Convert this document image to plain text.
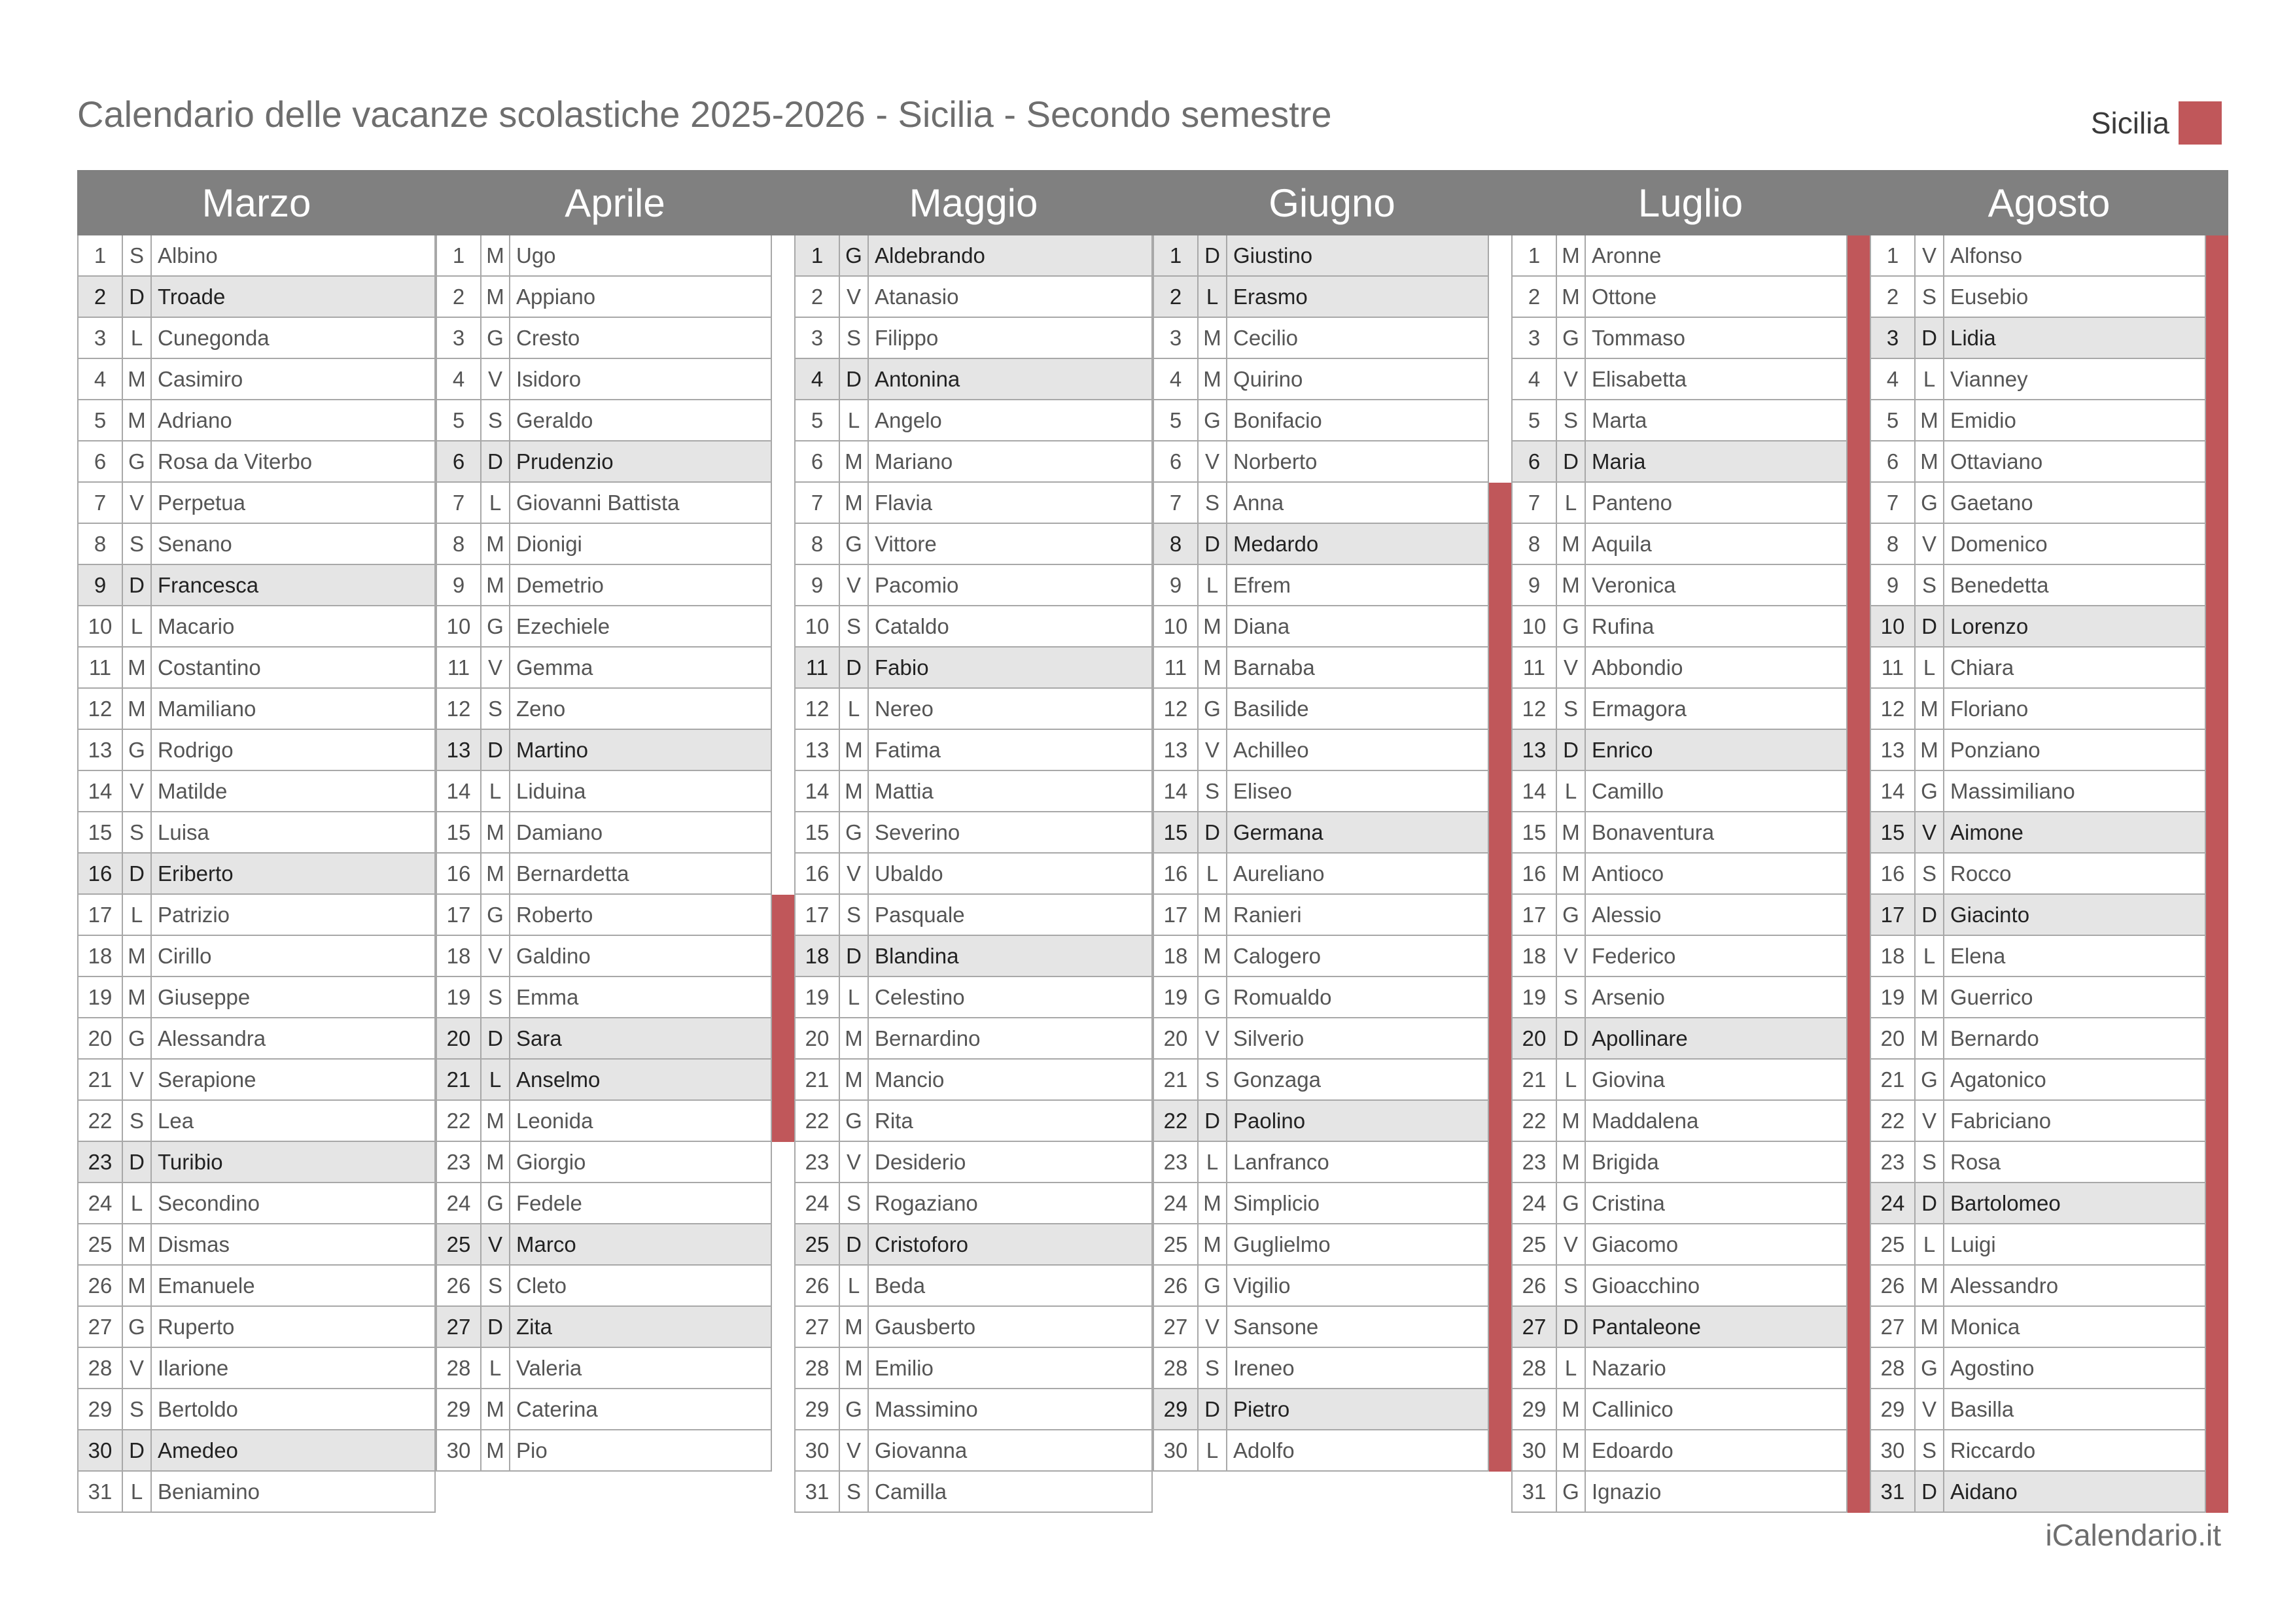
Calendario delle vacanze scolastiche 2025-2026 - Sicilia - Secondo semestre	Sicilia
Marzo
1	S Albino
2	D Troade
3	L Cunegonda
4	M Casimiro
5	M Adriano
6	G Rosa da Viterbo
7	V Perpetua
8	S Senano
9	D Francesca
10 L Macario
11 M Costantino
12 M Mamiliano
13 G Rodrigo
14 V Matilde
15 S Luisa
16 D Eriberto
17 L Patrizio
18 M Cirillo
19 M Giuseppe
20 G Alessandra
21 V Serapione
22 S Lea
23 D Turibio
24 L Secondino
25 M Dismas
26 M Emanuele
27 G Ruperto
28 V Ilarione
29 S Bertoldo
30 D Amedeo
31 L Beniamino
Aprile
1	M Ugo
2	M Appiano
3	G Cresto
4	V Isidoro
5	S Geraldo
6	D Prudenzio
7	L Giovanni Battista
8	M Dionigi
9	M Demetrio
10 G Ezechiele
11 V Gemma
12 S Zeno
13 D Martino
14 L Liduina
15 M Damiano
16 M Bernardetta
17 G Roberto
18 V Galdino
19 S Emma
20 D Sara
21 L Anselmo
22 M Leonida
23 M Giorgio
24 G Fedele
25 V Marco
26 S Cleto
27 D Zita
28 L Valeria
29 M Caterina
30 M Pio
Maggio
1	G Aldebrando
2	V Atanasio
3	S Filippo
4	D Antonina
5	L Angelo
6	M Mariano
7	M Flavia
8	G Vittore
9	V Pacomio
10 S Cataldo
11 D Fabio
12 L Nereo
13 M Fatima
14 M Mattia
15 G Severino
16 V Ubaldo
17 S Pasquale
18 D Blandina
19 L Celestino
20 M Bernardino
21 M Mancio
22 G Rita
23 V Desiderio
24 S Rogaziano
25 D Cristoforo
26 L Beda
27 M Gausberto
28 M Emilio
29 G Massimino
30 V Giovanna
31 S Camilla
Giugno
1	D Giustino
2	L Erasmo
3	M Cecilio
4	M Quirino
5	G Bonifacio
6	V Norberto
7	S Anna
8	D Medardo
9	L Efrem
10 M Diana
11 M Barnaba
12 G Basilide
13 V Achilleo
14 S Eliseo
15 D Germana
16 L Aureliano
17 M Ranieri
18 M Calogero
19 G Romualdo
20 V Silverio
21 S Gonzaga
22 D Paolino
23 L Lanfranco
24 M Simplicio
25 M Guglielmo
26 G Vigilio
27 V Sansone
28 S Ireneo
29 D Pietro
30 L Adolfo
Luglio
1	M Aronne
2	M Ottone
3	G Tommaso
4	V Elisabetta
5	S Marta
6	D Maria
7	L Panteno
8	M Aquila
9	M Veronica
10 G Rufina
11 V Abbondio
12 S Ermagora
13 D Enrico
14 L Camillo
15 M Bonaventura
16 M Antioco
17 G Alessio
18 V Federico
19 S Arsenio
20 D Apollinare
21 L Giovina
22 M Maddalena
23 M Brigida
24 G Cristina
25 V Giacomo
26 S Gioacchino
27 D Pantaleone
28 L Nazario
29 M Callinico
30 M Edoardo
31 G Ignazio
Agosto
1	V Alfonso
2	S Eusebio
3	D Lidia
4	L Vianney
5	M Emidio
6	M Ottaviano
7	G Gaetano
8	V Domenico
9	S Benedetta
10 D Lorenzo
11 L Chiara
12 M Floriano
13 M Ponziano
14 G Massimiliano
15 V Aimone
16 S Rocco
17 D Giacinto
18 L Elena
19 M Guerrico
20 M Bernardo
21 G Agatonico
22 V Fabriciano
23 S Rosa
24 D Bartolomeo
25 L Luigi
26 M Alessandro
27 M Monica
28 G Agostino
29 V Basilla
30 S Riccardo
31 D Aidano
iCalendario.it
